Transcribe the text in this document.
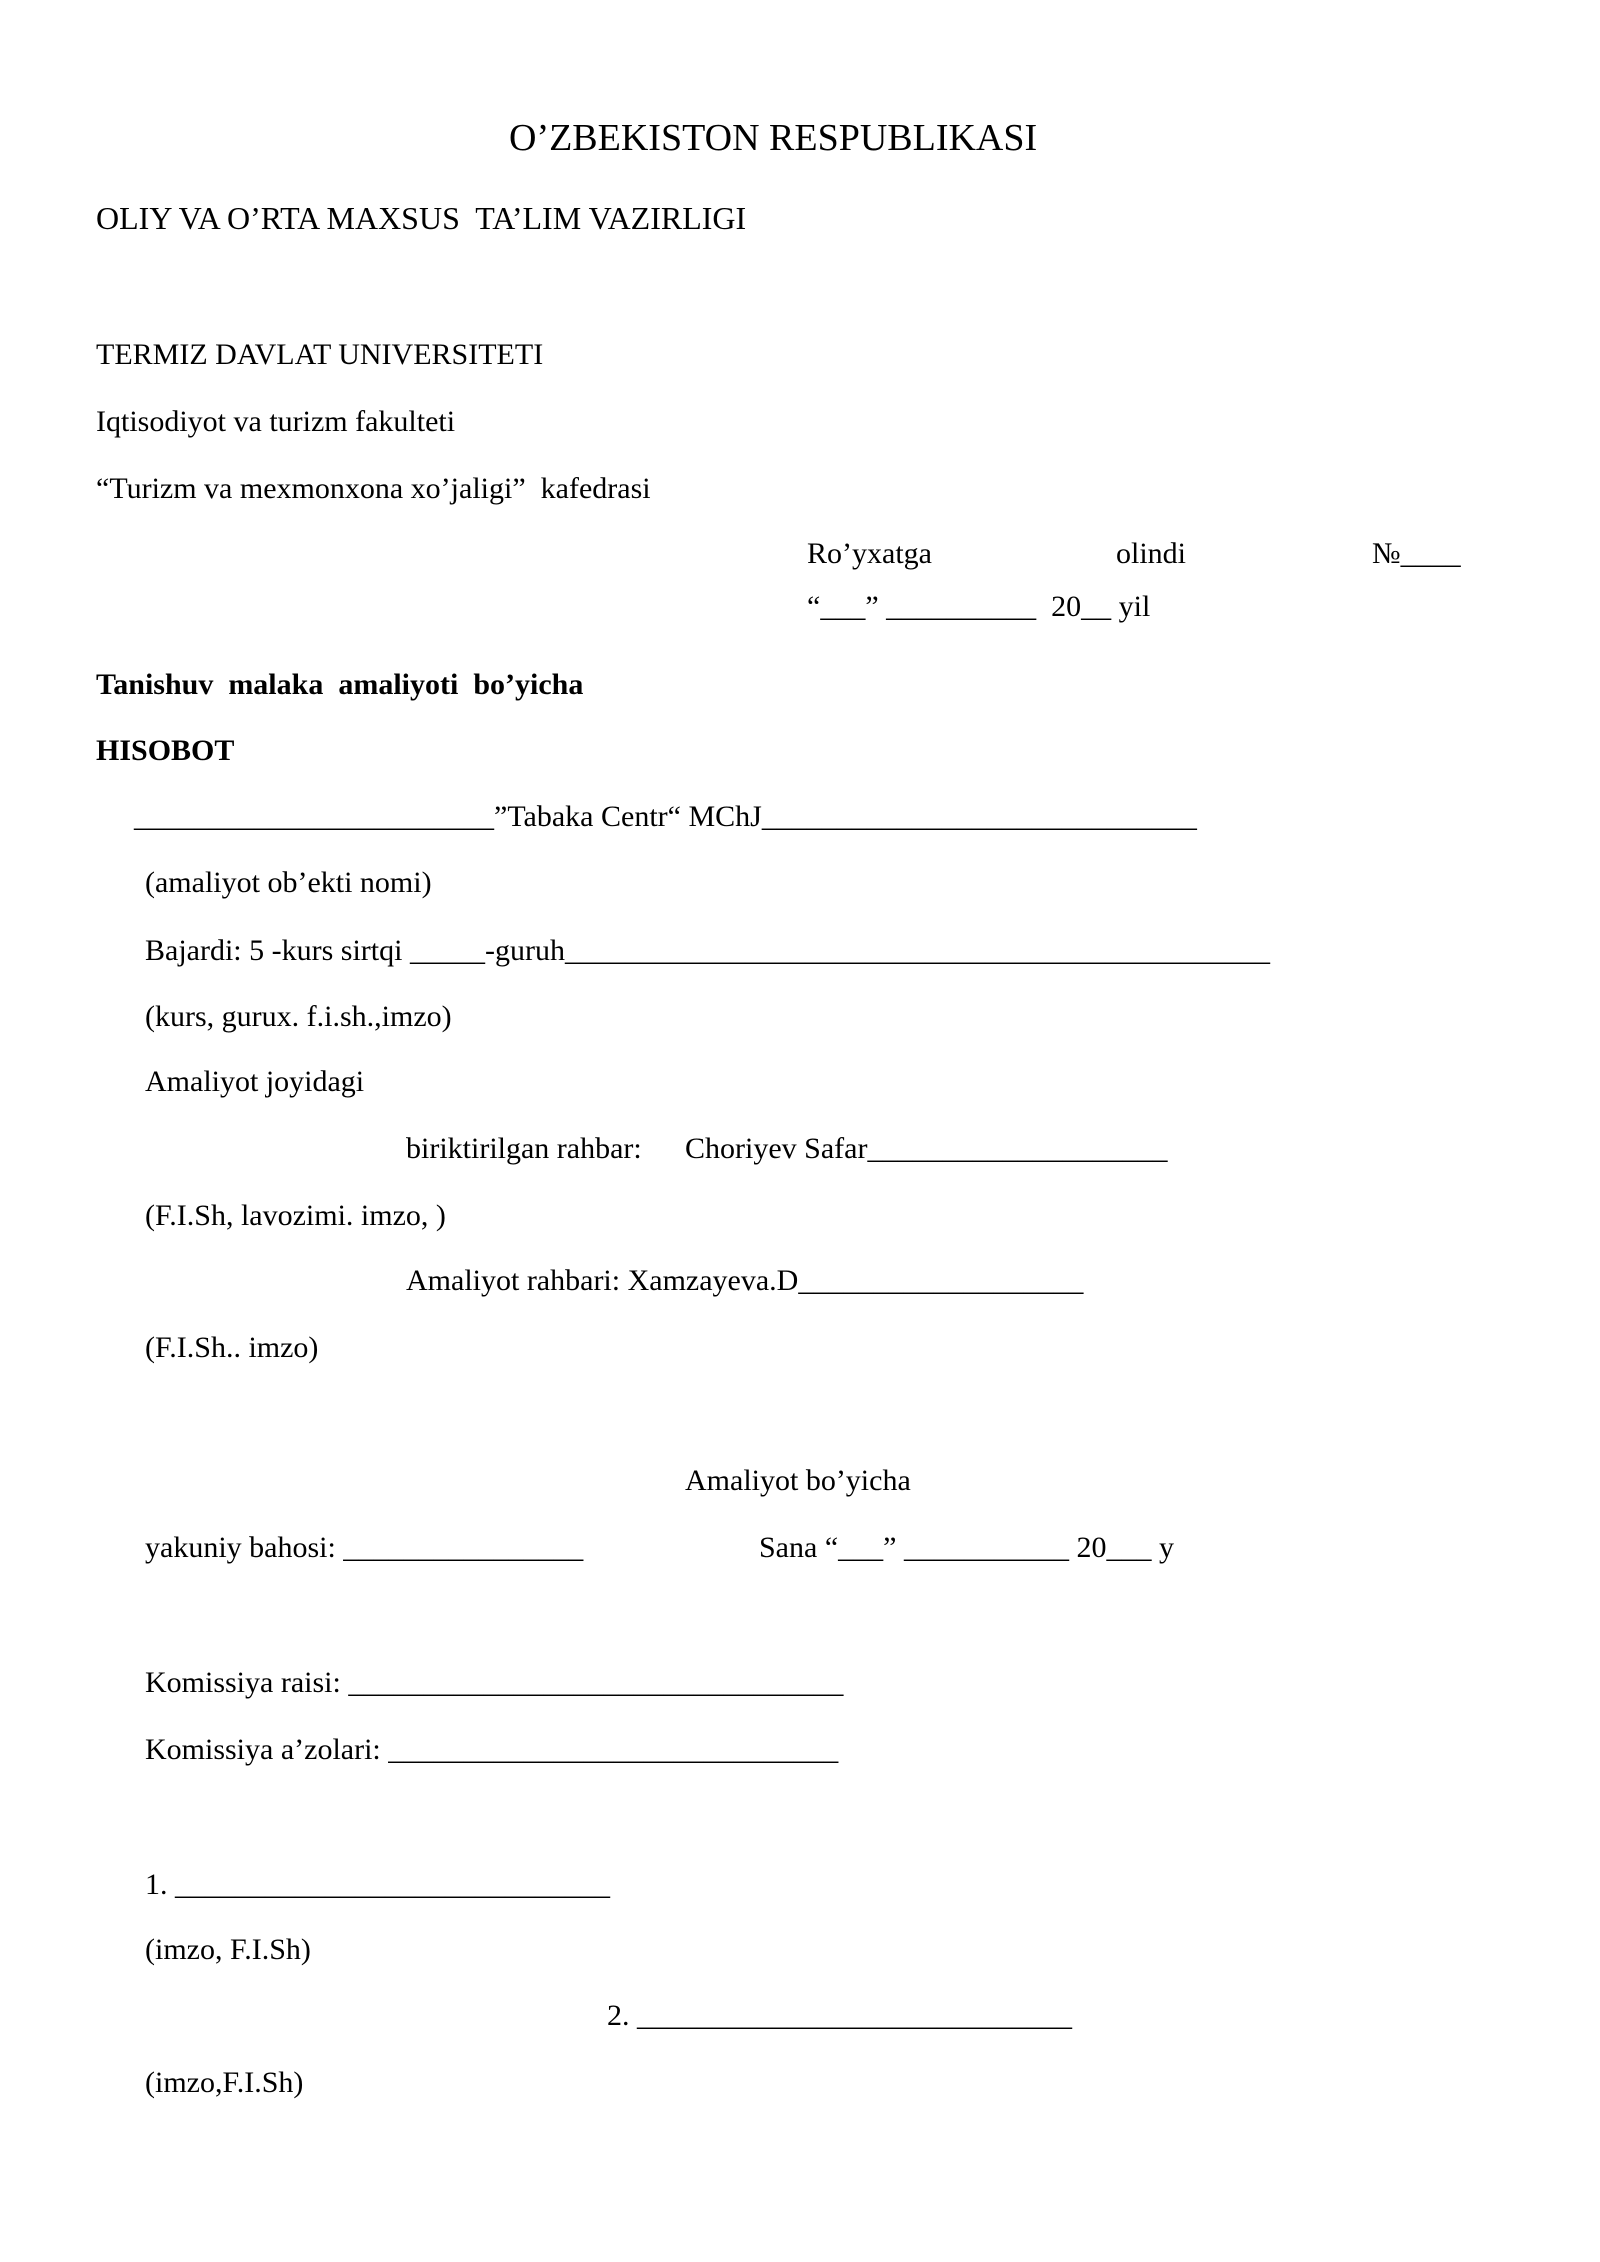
O’ZBEKISTON RESPUBLIKASI
OLIY VA O’RTA MAXSUS  TA’LIM VAZIRLIGI
TERMIZ DAVLAT UNIVERSITETI
Iqtisodiyot va turizm fakulteti
“Turizm va mexmonxona xo’jaligi”  kafedrasi
Ro’yxatga	olindi	№____
“___” __________  20__ yil
Tanishuv  malaka  amaliyoti  bo’yicha
HISOBOT
________________________”Tabaka Centr“ MChJ_____________________________
(amaliyot ob’ekti nomi)
Bajardi: 5 -kurs sirtqi _____-guruh_______________________________________________
(kurs, gurux. f.i.sh.,imzo)
Amaliyot joyidagi
biriktirilgan rahbar: Choriyev Safar____________________
(F.I.Sh, lavozimi. imzo, )
Amaliyot rahbari: Xamzayeva.D___________________
(F.I.Sh.. imzo)
Amaliyot bo’yicha
yakuniy bahosi: ________________	Sana “___” ___________ 20___ y
Komissiya raisi: _________________________________
Komissiya a’zolari: ______________________________
1. _____________________________
(imzo, F.I.Sh)
2. _____________________________
(imzo,F.I.Sh)
